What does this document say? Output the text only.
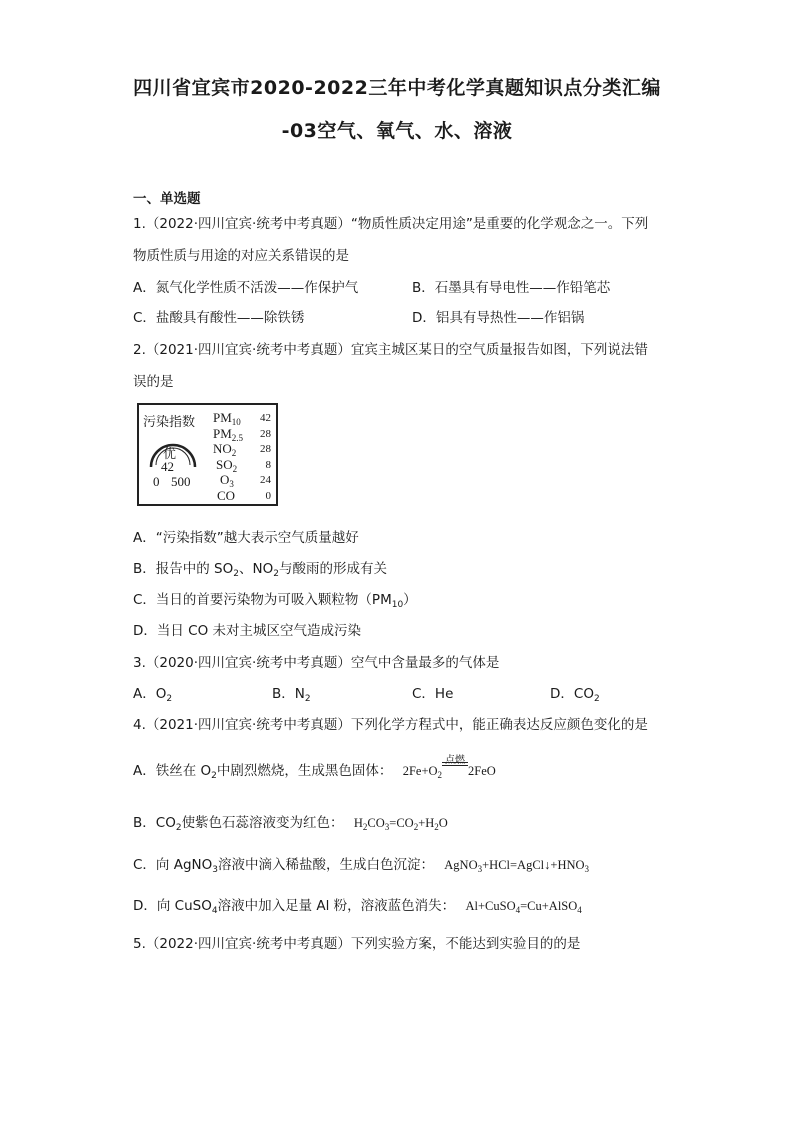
四川省宜宾市2020-2022三年中考化学真题知识点分类汇编
-03空气、氧气、水、溶液
一、单选题
1.（2022·四川宜宾·统考中考真题）“物质性质决定用途”是重要的化学观念之一。下列
物质性质与用途的对应关系错误的是
A．氮气化学性质不活泼——作保护气	B．石墨具有导电性——作铅笔芯
C．盐酸具有酸性——除铁锈	D．铝具有导热性——作铝锅
2.（2021·四川宜宾·统考中考真题）宜宾主城区某日的空气质量报告如图，下列说法错
误的是
污染指数
优
42
0 500
$PM_{10}$	42
$PM_{2.5}$	28
$NO_2$	28
$SO_2$	8
$O_3$	24
CO	0
A．“污染指数”越大表示空气质量越好
B．报告中的 $SO_2$、$NO_2$与酸雨的形成有关
C．当日的首要污染物为可吸入颗粒物$(PM_{10})$
D．当日 CO 未对主城区空气造成污染
3.（2020·四川宜宾·统考中考真题）空气中含量最多的气体是
A．$O_2$	B．$N_2$	C．He	D．$CO_2$
4.（2021·四川宜宾·统考中考真题）下列化学方程式中，能正确表达反应颜色变化的是
A．铁丝在 $O_2$中剧烈燃烧，生成黑色固体： $2Fe+O_2$
点燃
2FeO
B．$CO_2$使紫色石蕊溶液变为红色： $H_2CO_3=CO_2+H_2O$
C．向 AgNO$_3$溶液中滴入稀盐酸，生成白色沉淀： $AgNO_3+HCl=AgCl↓+HNO_3$
D．向 CuSO$_4$溶液中加入足量 Al 粉，溶液蓝色消失： Al+CuSO$_4$=Cu+AlSO$_4$
5.（2022·四川宜宾·统考中考真题）下列实验方案，不能达到实验目的的是
